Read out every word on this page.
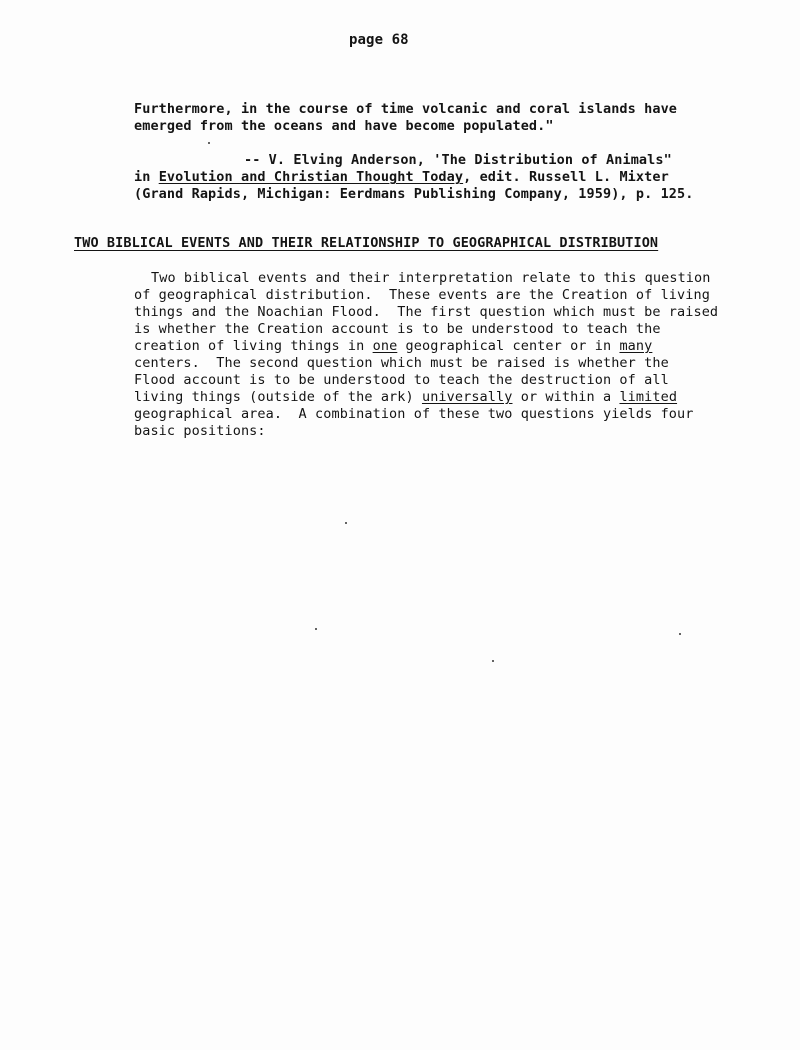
page 68
Furthermore, in the course of time volcanic and coral islands have
emerged from the oceans and have become populated."
-- V. Elving Anderson, 'The Distribution of Animals"
in Evolution and Christian Thought Today, edit. Russell L. Mixter
(Grand Rapids, Michigan: Eerdmans Publishing Company, 1959), p. 125.
TWO BIBLICAL EVENTS AND THEIR RELATIONSHIP TO GEOGRAPHICAL DISTRIBUTION
Two biblical events and their interpretation relate to this question
of geographical distribution.  These events are the Creation of living
things and the Noachian Flood.  The first question which must be raised
is whether the Creation account is to be understood to teach the
creation of living things in one geographical center or in many
centers.  The second question which must be raised is whether the
Flood account is to be understood to teach the destruction of all
living things (outside of the ark) universally or within a limited
geographical area.  A combination of these two questions yields four
basic positions:
